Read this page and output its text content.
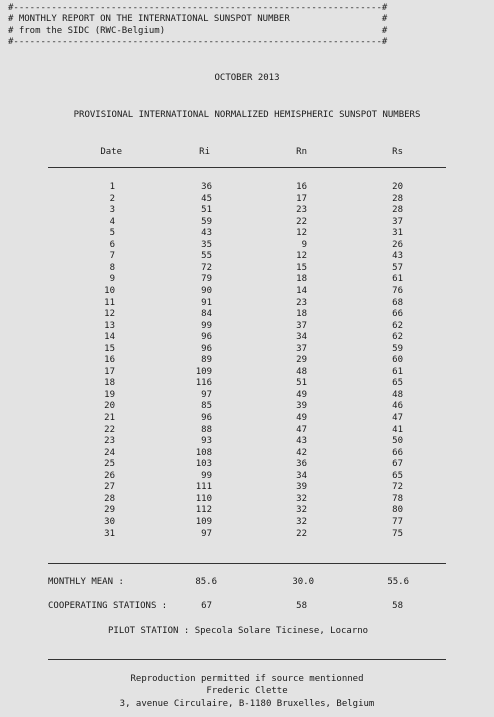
#--------------------------------------------------------------------#
# MONTHLY REPORT ON THE INTERNATIONAL SUNSPOT NUMBER                 #
# from the SIDC (RWC-Belgium)                                        #
#--------------------------------------------------------------------#
OCTOBER 2013
PROVISIONAL INTERNATIONAL NORMALIZED HEMISPHERIC SUNSPOT NUMBERS
Date	Ri	Rn	Rs
1	36	16	20
2	45	17	28
3	51	23	28
4	59	22	37
5	43	12	31
6	35	9	26
7	55	12	43
8	72	15	57
9	79	18	61
10	90	14	76
11	91	23	68
12	84	18	66
13	99	37	62
14	96	34	62
15	96	37	59
16	89	29	60
17	109	48	61
18	116	51	65
19	97	49	48
20	85	39	46
21	96	49	47
22	88	47	41
23	93	43	50
24	108	42	66
25	103	36	67
26	99	34	65
27	111	39	72
28	110	32	78
29	112	32	80
30	109	32	77
31	97	22	75
MONTHLY MEAN :	85.6	30.0	55.6
COOPERATING STATIONS :	67	58	58
PILOT STATION : Specola Solare Ticinese, Locarno
Reproduction permitted if source mentionned
Frederic Clette
3, avenue Circulaire, B-1180 Bruxelles, Belgium
